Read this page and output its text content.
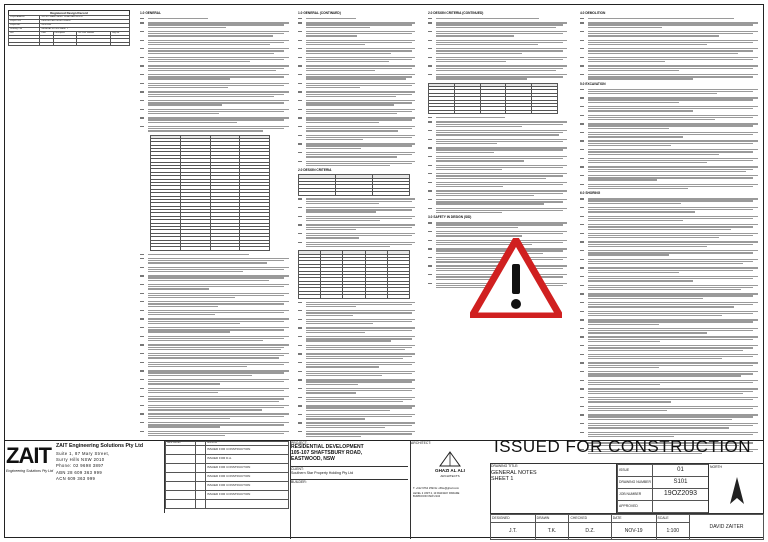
Registered Design Record
Project Address	105-107 SHAFTSBURY ROAD EASTWOOD			
Project Title	RESIDENTIAL DEVELOPMENT			
Project No.	19OZ2093			
Drawing Title	GENERAL NOTES SHEET 1			
Rev	Date	Description	BP DNR Number	Reg No.

1.0 GENERAL

				1.0 GENERAL (CONTINUED)
2.0 DESIGN CRITERIA

2.0 DESIGN CRITERIA (CONTINUED)

3.0 SAFETY IN DESIGN (SID)
4.0 DEMOLITION
5.0 EXCAVATION
6.0 SHORING
ZAIT
Engineering Solutions Pty Ltd
ZAIT Engineering Solutions Pty Ltd
Suite 1, 87 Mary Street,
Surry Hills NSW 2010
Phone: 02 9698 3897
ABN 28 609 363 999
ACN 609 363 999
DATE ISSUED		REVISION
		ISSUED FOR CONSTRUCTION
		ISSUED FOR D.A.
		ISSUED FOR CONSTRUCTION
		ISSUED FOR CONSTRUCTION
		ISSUED FOR CONSTRUCTION
		ISSUED FOR CONSTRUCTION

PROJECT:
RESIDENTIAL DEVELOPMENT
105-107 SHAFTSBURY ROAD,
EASTWOOD, NSW
CLIENT:
Southern Star Property Holding Pty Ltd
BUILDER:
ARCHITECT:
GHAZI AL ALI
ARCHITECTS
T: +612 9764 1593 E: office@ghazi.com
LEVEL 2 UNIT 2, 13 RAILWAY PARADE
BURWOOD NSW 2134
ISSUED FOR CONSTRUCTION
DRAWING TITLE:
GENERAL NOTES
SHEET 1
ISSUE	01
DRAWING NUMBER	S101
JOB NUMBER	19OZ2093
APPROVED	
NORTH
DESIGNED	DRAWN	CHECKED	DATE	SCALE	DAVID ZAITER
J.T.	T.K.	D.Z.	NOV-19	1:100	
